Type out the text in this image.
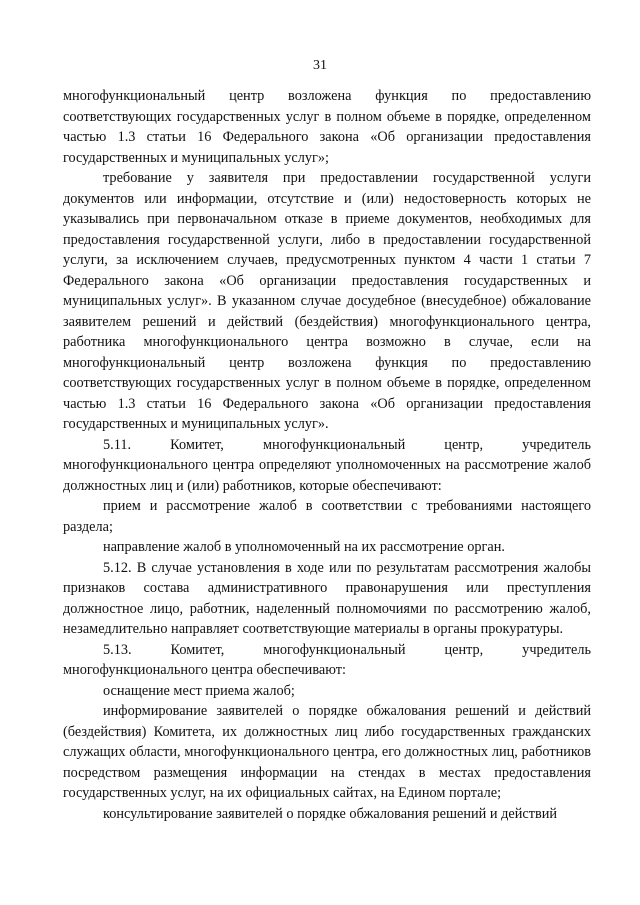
31

многофункциональный центр возложена функция по предоставлению соответствующих государственных услуг в полном объеме в порядке, определенном частью 1.3 статьи 16 Федерального закона «Об организации предоставления государственных и муниципальных услуг»;

требование у заявителя при предоставлении государственной услуги документов или информации, отсутствие и (или) недостоверность которых не указывались при первоначальном отказе в приеме документов, необходимых для предоставления государственной услуги, либо в предоставлении государственной услуги, за исключением случаев, предусмотренных пунктом 4 части 1 статьи 7 Федерального закона «Об организации предоставления государственных и муниципальных услуг». В указанном случае досудебное (внесудебное) обжалование заявителем решений и действий (бездействия) многофункционального центра, работника многофункционального центра возможно в случае, если на многофункциональный центр возложена функция по предоставлению соответствующих государственных услуг в полном объеме в порядке, определенном частью 1.3 статьи 16 Федерального закона «Об организации предоставления государственных и муниципальных услуг».

5.11. Комитет, многофункциональный центр, учредитель многофункционального центра определяют уполномоченных на рассмотрение жалоб должностных лиц и (или) работников, которые обеспечивают:

прием и рассмотрение жалоб в соответствии с требованиями настоящего раздела;

направление жалоб в уполномоченный на их рассмотрение орган.

5.12. В случае установления в ходе или по результатам рассмотрения жалобы признаков состава административного правонарушения или преступления должностное лицо, работник, наделенный полномочиями по рассмотрению жалоб, незамедлительно направляет соответствующие материалы в органы прокуратуры.

5.13. Комитет, многофункциональный центр, учредитель многофункционального центра обеспечивают:

оснащение мест приема жалоб;

информирование заявителей о порядке обжалования решений и действий (бездействия) Комитета, их должностных лиц либо государственных гражданских служащих области, многофункционального центра, его должностных лиц, работников посредством размещения информации на стендах в местах предоставления государственных услуг, на их официальных сайтах, на Едином портале;

консультирование заявителей о порядке обжалования решений и действий
